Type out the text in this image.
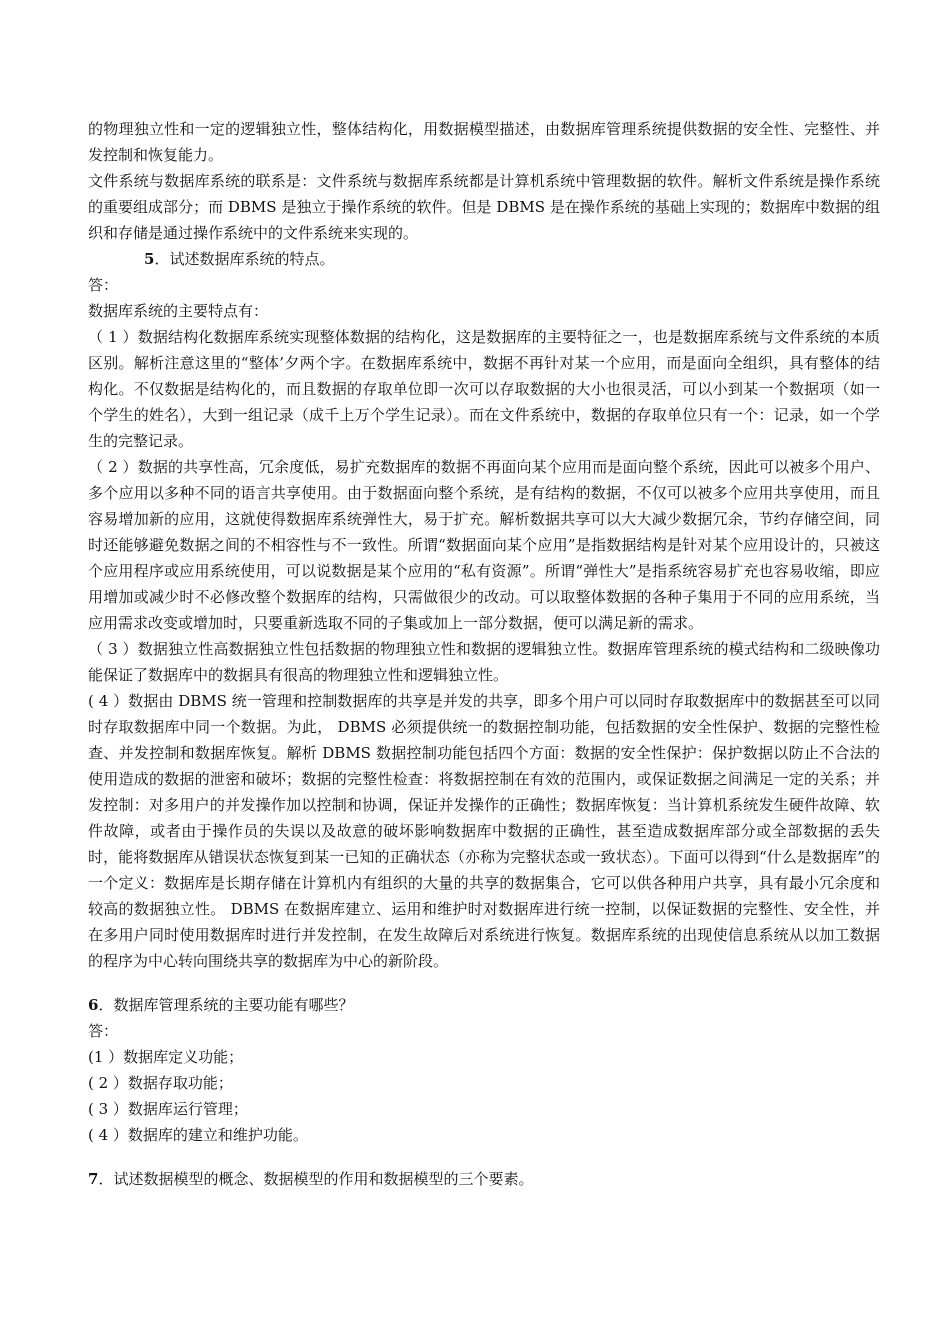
的物理独立性和一定的逻辑独立性，整体结构化，用数据模型描述，由数据库管理系统提供数据的安全性、完整性、并发控制和恢复能力。

文件系统与数据库系统的联系是：文件系统与数据库系统都是计算机系统中管理数据的软件。解析文件系统是操作系统的重要组成部分；而 DBMS 是独立于操作系统的软件。但是 DBMS 是在操作系统的基础上实现的；数据库中数据的组织和存储是通过操作系统中的文件系统来实现的。

5．试述数据库系统的特点。

答：

数据库系统的主要特点有：

（ 1 ）数据结构化数据库系统实现整体数据的结构化，这是数据库的主要特征之一，也是数据库系统与文件系统的本质区别。解析注意这里的“整体’夕两个字。在数据库系统中，数据不再针对某一个应用，而是面向全组织，具有整体的结构化。不仅数据是结构化的，而且数据的存取单位即一次可以存取数据的大小也很灵活，可以小到某一个数据项（如一个学生的姓名），大到一组记录（成千上万个学生记录）。而在文件系统中，数据的存取单位只有一个：记录，如一个学生的完整记录。

（ 2 ）数据的共享性高，冗余度低，易扩充数据库的数据不再面向某个应用而是面向整个系统，因此可以被多个用户、多个应用以多种不同的语言共享使用。由于数据面向整个系统，是有结构的数据，不仅可以被多个应用共享使用，而且容易增加新的应用，这就使得数据库系统弹性大，易于扩充。解析数据共享可以大大减少数据冗余，节约存储空间，同时还能够避免数据之间的不相容性与不一致性。所谓“数据面向某个应用”是指数据结构是针对某个应用设计的，只被这个应用程序或应用系统使用，可以说数据是某个应用的“私有资源”。所谓“弹性大”是指系统容易扩充也容易收缩，即应用增加或减少时不必修改整个数据库的结构，只需做很少的改动。可以取整体数据的各种子集用于不同的应用系统，当应用需求改变或增加时，只要重新选取不同的子集或加上一部分数据，便可以满足新的需求。

（ 3 ）数据独立性高数据独立性包括数据的物理独立性和数据的逻辑独立性。数据库管理系统的模式结构和二级映像功能保证了数据库中的数据具有很高的物理独立性和逻辑独立性。

( 4 ）数据由 DBMS 统一管理和控制数据库的共享是并发的共享，即多个用户可以同时存取数据库中的数据甚至可以同时存取数据库中同一个数据。为此， DBMS 必须提供统一的数据控制功能，包括数据的安全性保护、数据的完整性检查、并发控制和数据库恢复。解析 DBMS 数据控制功能包括四个方面：数据的安全性保护：保护数据以防止不合法的使用造成的数据的泄密和破坏；数据的完整性检查：将数据控制在有效的范围内，或保证数据之间满足一定的关系；并发控制：对多用户的并发操作加以控制和协调，保证并发操作的正确性；数据库恢复：当计算机系统发生硬件故障、软件故障，或者由于操作员的失误以及故意的破坏影响数据库中数据的正确性，甚至造成数据库部分或全部数据的丢失时，能将数据库从错误状态恢复到某一已知的正确状态（亦称为完整状态或一致状态）。下面可以得到“什么是数据库”的一个定义：数据库是长期存储在计算机内有组织的大量的共享的数据集合，它可以供各种用户共享，具有最小冗余度和较高的数据独立性。 DBMS 在数据库建立、运用和维护时对数据库进行统一控制，以保证数据的完整性、安全性，并在多用户同时使用数据库时进行并发控制，在发生故障后对系统进行恢复。数据库系统的出现使信息系统从以加工数据的程序为中心转向围绕共享的数据库为中心的新阶段。

6．数据库管理系统的主要功能有哪些？

答：

(1 ）数据库定义功能；

( 2 ）数据存取功能；

( 3 ）数据库运行管理；

( 4 ）数据库的建立和维护功能。

7．试述数据模型的概念、数据模型的作用和数据模型的三个要素。
